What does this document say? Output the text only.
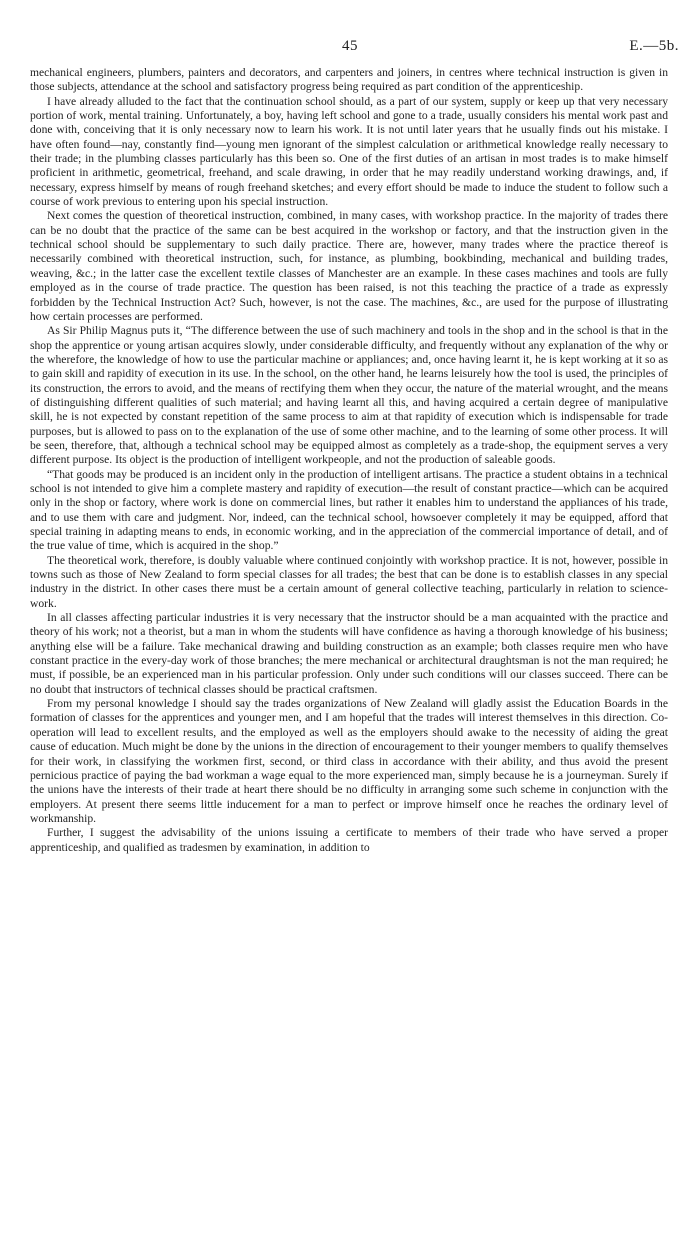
45	E.—5b.

mechanical engineers, plumbers, painters and decorators, and carpenters and joiners, in centres where technical instruction is given in those subjects, attendance at the school and satisfactory progress being required as part condition of the apprenticeship.

I have already alluded to the fact that the continuation school should, as a part of our system, supply or keep up that very necessary portion of work, mental training. Unfortunately, a boy, having left school and gone to a trade, usually considers his mental work past and done with, conceiving that it is only necessary now to learn his work. It is not until later years that he usually finds out his mistake. I have often found—nay, constantly find—young men ignorant of the simplest calculation or arithmetical knowledge really necessary to their trade; in the plumbing classes particularly has this been so. One of the first duties of an artisan in most trades is to make himself proficient in arithmetic, geometrical, freehand, and scale drawing, in order that he may readily understand working drawings, and, if necessary, express himself by means of rough freehand sketches; and every effort should be made to induce the student to follow such a course of work previous to entering upon his special instruction.

Next comes the question of theoretical instruction, combined, in many cases, with workshop practice. In the majority of trades there can be no doubt that the practice of the same can be best acquired in the workshop or factory, and that the instruction given in the technical school should be supplementary to such daily practice. There are, however, many trades where the practice thereof is necessarily combined with theoretical instruction, such, for instance, as plumbing, bookbinding, mechanical and building trades, weaving, &c.; in the latter case the excellent textile classes of Manchester are an example. In these cases machines and tools are fully employed as in the course of trade practice. The question has been raised, is not this teaching the practice of a trade as expressly forbidden by the Technical Instruction Act? Such, however, is not the case. The machines, &c., are used for the purpose of illustrating how certain processes are performed.

As Sir Philip Magnus puts it, “The difference between the use of such machinery and tools in the shop and in the school is that in the shop the apprentice or young artisan acquires slowly, under considerable difficulty, and frequently without any explanation of the why or the wherefore, the knowledge of how to use the particular machine or appliances; and, once having learnt it, he is kept working at it so as to gain skill and rapidity of execution in its use. In the school, on the other hand, he learns leisurely how the tool is used, the principles of its construction, the errors to avoid, and the means of rectifying them when they occur, the nature of the material wrought, and the means of distinguishing different qualities of such material; and having learnt all this, and having acquired a certain degree of manipulative skill, he is not expected by constant repetition of the same process to aim at that rapidity of execution which is indispensable for trade purposes, but is allowed to pass on to the explanation of the use of some other machine, and to the learning of some other process. It will be seen, therefore, that, although a technical school may be equipped almost as completely as a trade-shop, the equipment serves a very different purpose. Its object is the production of intelligent workpeople, and not the production of saleable goods.

“That goods may be produced is an incident only in the production of intelligent artisans. The practice a student obtains in a technical school is not intended to give him a complete mastery and rapidity of execution—the result of constant practice—which can be acquired only in the shop or factory, where work is done on commercial lines, but rather it enables him to understand the appliances of his trade, and to use them with care and judgment. Nor, indeed, can the technical school, howsoever completely it may be equipped, afford that special training in adapting means to ends, in economic working, and in the appreciation of the commercial importance of detail, and of the true value of time, which is acquired in the shop.”

The theoretical work, therefore, is doubly valuable where continued conjointly with workshop practice. It is not, however, possible in towns such as those of New Zealand to form special classes for all trades; the best that can be done is to establish classes in any special industry in the district. In other cases there must be a certain amount of general collective teaching, particularly in relation to science-work.

In all classes affecting particular industries it is very necessary that the instructor should be a man acquainted with the practice and theory of his work; not a theorist, but a man in whom the students will have confidence as having a thorough knowledge of his business; anything else will be a failure. Take mechanical drawing and building construction as an example; both classes require men who have constant practice in the every-day work of those branches; the mere mechanical or architectural draughtsman is not the man required; he must, if possible, be an experienced man in his particular profession. Only under such conditions will our classes succeed. There can be no doubt that instructors of technical classes should be practical craftsmen.

From my personal knowledge I should say the trades organizations of New Zealand will gladly assist the Education Boards in the formation of classes for the apprentices and younger men, and I am hopeful that the trades will interest themselves in this direction. Co-operation will lead to excellent results, and the employed as well as the employers should awake to the necessity of aiding the great cause of education. Much might be done by the unions in the direction of encouragement to their younger members to qualify themselves for their work, in classifying the workmen first, second, or third class in accordance with their ability, and thus avoid the present pernicious practice of paying the bad workman a wage equal to the more experienced man, simply because he is a journeyman. Surely if the unions have the interests of their trade at heart there should be no difficulty in arranging some such scheme in conjunction with the employers. At present there seems little inducement for a man to perfect or improve himself once he reaches the ordinary level of workmanship.

Further, I suggest the advisability of the unions issuing a certificate to members of their trade who have served a proper apprenticeship, and qualified as tradesmen by examination, in addition to
